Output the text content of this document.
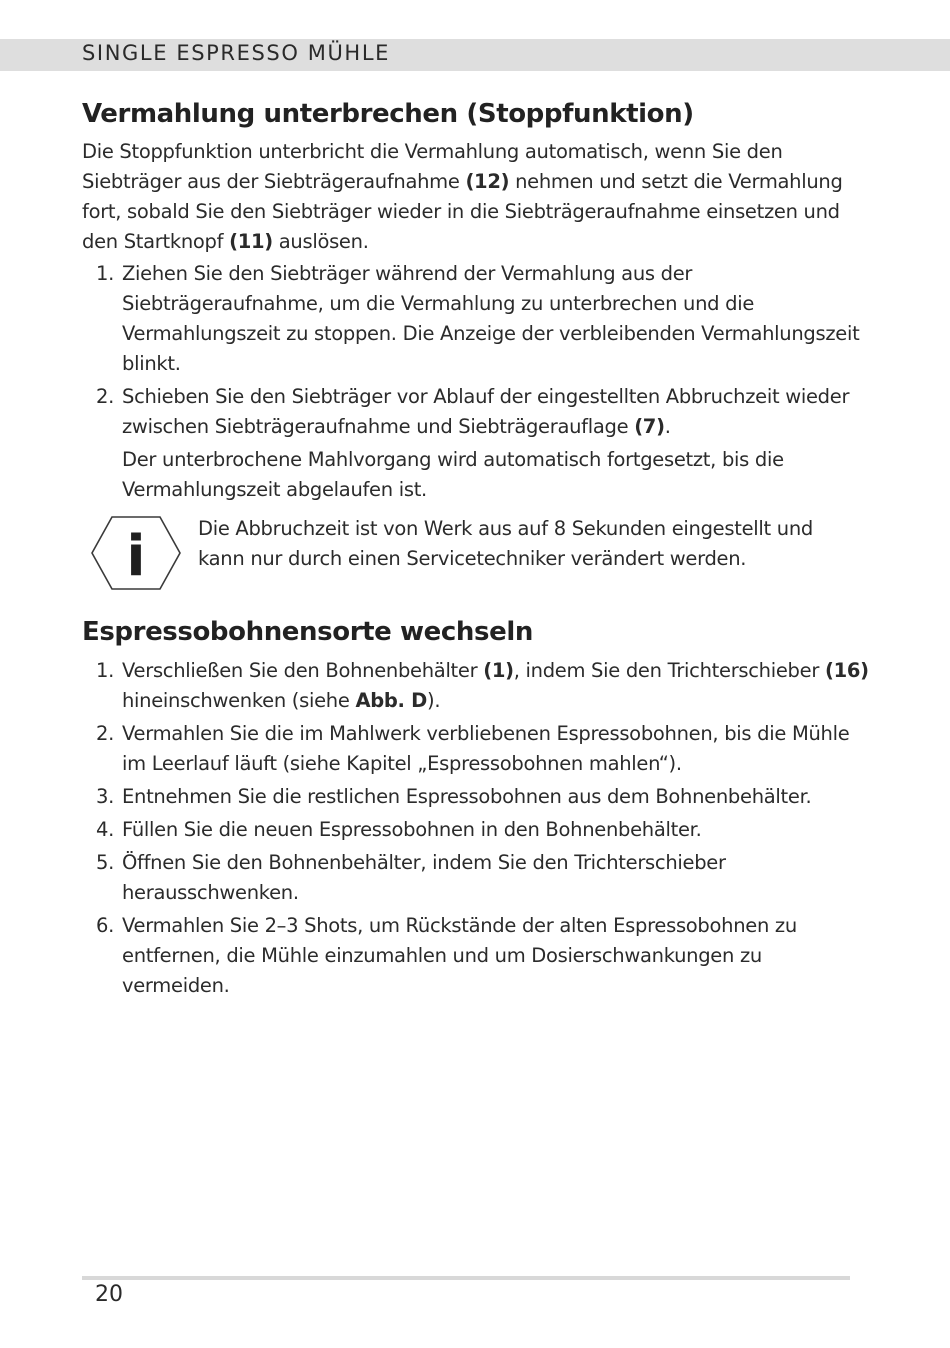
SINGLE ESPRESSO MÜHLE
Vermahlung unterbrechen (Stoppfunktion)

Die Stoppfunktion unterbricht die Vermahlung automatisch, wenn Sie den Siebträger aus der Siebträgeraufnahme (12) nehmen und setzt die Vermahlung fort, sobald Sie den Siebträger wieder in die Siebträgeraufnahme einsetzen und den Startknopf (11) auslösen.

1. Ziehen Sie den Siebträger während der Vermahlung aus der Siebträgeraufnahme, um die Vermahlung zu unterbrechen und die Vermahlungszeit zu stoppen. Die Anzeige der verbleibenden Vermahlungszeit blinkt.
2. Schieben Sie den Siebträger vor Ablauf der eingestellten Abbruchzeit wieder zwischen Siebträgeraufnahme und Siebträgerauflage (7).
Der unterbrochene Mahlvorgang wird automatisch fortgesetzt, bis die Vermahlungszeit abgelaufen ist.
i	Die Abbruchzeit ist von Werk aus auf 8 Sekunden eingestellt und kann nur durch einen Servicetechniker verändert werden.
Espressobohnensorte wechseln
1. Verschließen Sie den Bohnenbehälter (1), indem Sie den Trichterschieber (16) hineinschwenken (siehe Abb. D).
2. Vermahlen Sie die im Mahlwerk verbliebenen Espressobohnen, bis die Mühle im Leerlauf läuft (siehe Kapitel „Espressobohnen mahlen“).
3. Entnehmen Sie die restlichen Espressobohnen aus dem Bohnenbehälter.
4. Füllen Sie die neuen Espressobohnen in den Bohnenbehälter.
5. Öffnen Sie den Bohnenbehälter, indem Sie den Trichterschieber herausschwenken.
6. Vermahlen Sie 2–3 Shots, um Rückstände der alten Espressobohnen zu entfernen, die Mühle einzumahlen und um Dosierschwankungen zu vermeiden.
20
